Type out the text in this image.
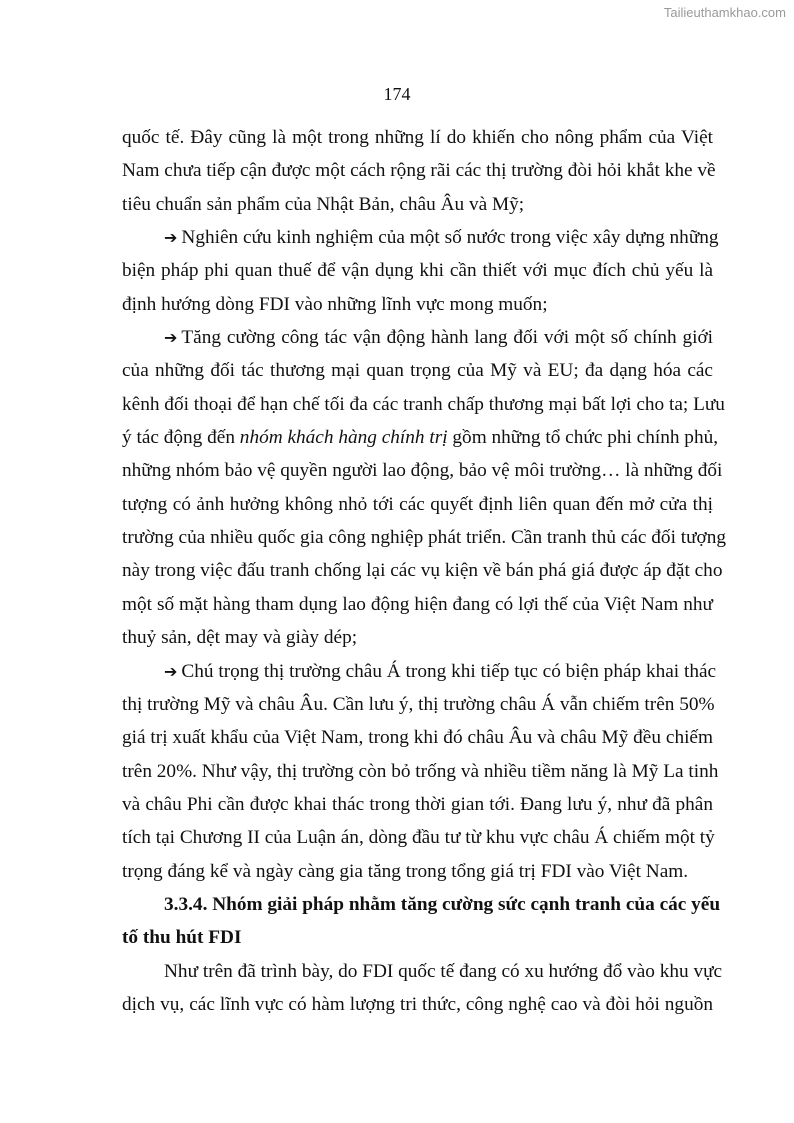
Tailieuthamkhao.com
174
quốc tế. Đây cũng là một trong những lí do khiến cho nông phẩm của Việt
Nam chưa tiếp cận được một cách rộng rãi các thị trường đòi hỏi khắt khe về
tiêu chuẩn sản phẩm của Nhật Bản, châu Âu và Mỹ;
➔ Nghiên cứu kinh nghiệm của một số nước trong việc xây dựng những
biện pháp phi quan thuế để vận dụng khi cần thiết với mục đích chủ yếu là
định hướng dòng FDI vào những lĩnh vực mong muốn;
➔ Tăng cường công tác vận động hành lang đối với một số chính giới
của những đối tác thương mại quan trọng của Mỹ và EU; đa dạng hóa các
kênh đối thoại để hạn chế tối đa các tranh chấp thương mại bất lợi cho ta; Lưu
ý tác động đến nhóm khách hàng chính trị gồm những tổ chức phi chính phủ,
những nhóm bảo vệ quyền người lao động, bảo vệ môi trường… là những đối
tượng có ảnh hưởng không nhỏ tới các quyết định liên quan đến mở cửa thị
trường của nhiều quốc gia công nghiệp phát triển. Cần tranh thủ các đối tượng
này trong việc đấu tranh chống lại các vụ kiện về bán phá giá được áp đặt cho
một số mặt hàng tham dụng lao động hiện đang có lợi thế của Việt Nam như
thuỷ sản, dệt may và giày dép;
➔ Chú trọng thị trường châu Á trong khi tiếp tục có biện pháp khai thác
thị trường Mỹ và châu Âu. Cần lưu ý, thị trường châu Á vẫn chiếm trên 50%
giá trị xuất khẩu của Việt Nam, trong khi đó châu Âu và châu Mỹ đều chiếm
trên 20%. Như vậy, thị trường còn bỏ trống và nhiều tiềm năng là Mỹ La tinh
và châu Phi cần được khai thác trong thời gian tới. Đang lưu ý, như đã phân
tích tại Chương II của Luận án, dòng đầu tư từ khu vực châu Á chiếm một tỷ
trọng đáng kể và ngày càng gia tăng trong tổng giá trị FDI vào Việt Nam.
3.3.4. Nhóm giải pháp nhằm tăng cường sức cạnh tranh của các yếu
tố thu hút FDI
Như trên đã trình bày, do FDI quốc tế đang có xu hướng đổ vào khu vực
dịch vụ, các lĩnh vực có hàm lượng tri thức, công nghệ cao và đòi hỏi nguồn
